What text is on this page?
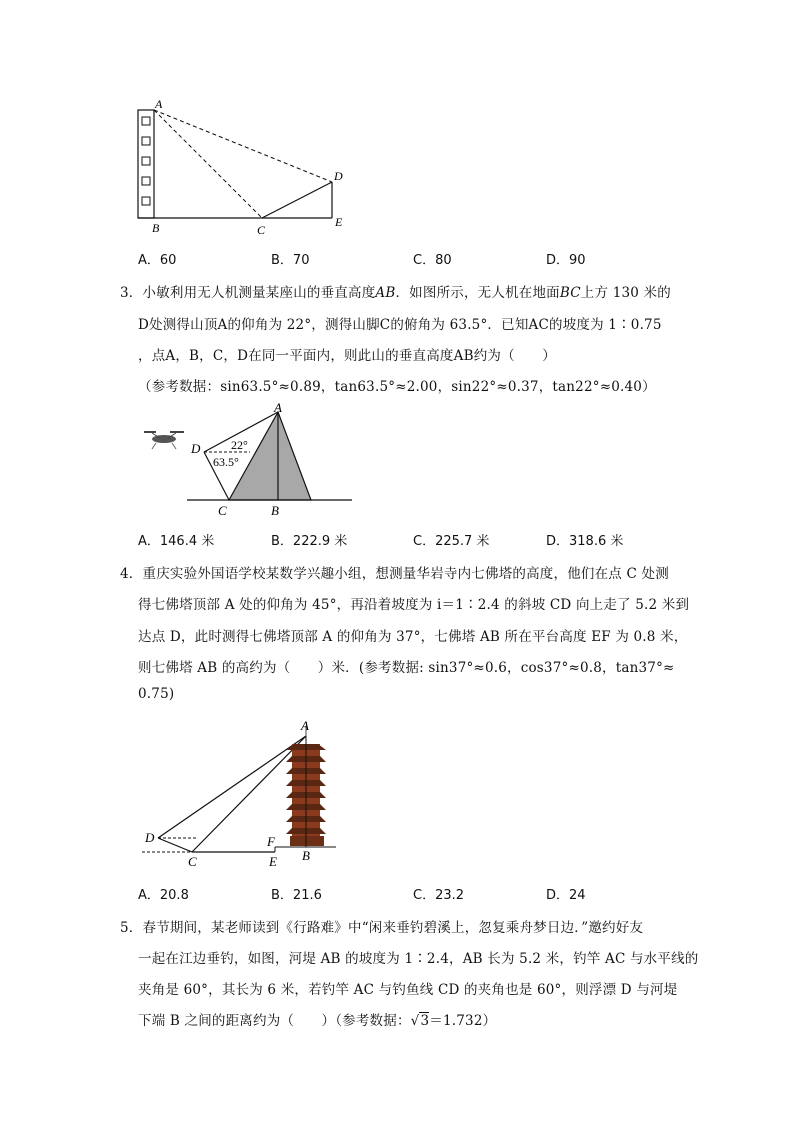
A
B	C
D
E
A．60	B．70	C．80	D．90
3．小敏利用无人机测量某座山的垂直高度AB．如图所示，无人机在地面BC上方 130 米的
D处测得山顶A的仰角为 22°，测得山脚C的俯角为 63.5°．已知AC的坡度为 1∶0.75
，点A，B，C，D在同一平面内，则此山的垂直高度AB约为（　　）
（参考数据：sin63.5°≈0.89，tan63.5°≈2.00，sin22°≈0.37，tan22°≈0.40）
A
D	22°
63.5°
C	B
A．146.4 米	B．222.9 米	C．225.7 米	D．318.6 米
4．重庆实验外国语学校某数学兴趣小组，想测量华岩寺内七佛塔的高度，他们在点 C 处测
得七佛塔顶部 A 处的仰角为 45°，再沿着坡度为 i＝1∶2.4 的斜坡 CD 向上走了 5.2 米到
达点 D，此时测得七佛塔顶部 A 的仰角为 37°，七佛塔 AB 所在平台高度 EF 为 0.8 米，
则七佛塔 AB 的高约为（　　）米．(参考数据: sin37°≈0.6，cos37°≈0.8，tan37°≈
0.75)
A
D
C
F
E B
A．20.8	B．21.6	C．23.2	D．24
5．春节期间，某老师读到《行路难》中“闲来垂钓碧溪上，忽复乘舟梦日边．”邀约好友
一起在江边垂钓，如图，河堤 AB 的坡度为 1∶2.4，AB 长为 5.2 米，钓竿 AC 与水平线的
夹角是 60°，其长为 6 米，若钓竿 AC 与钓鱼线 CD 的夹角也是 60°，则浮漂 D 与河堤
下端 B 之间的距离约为（　　）（参考数据：√3＝1.732）
